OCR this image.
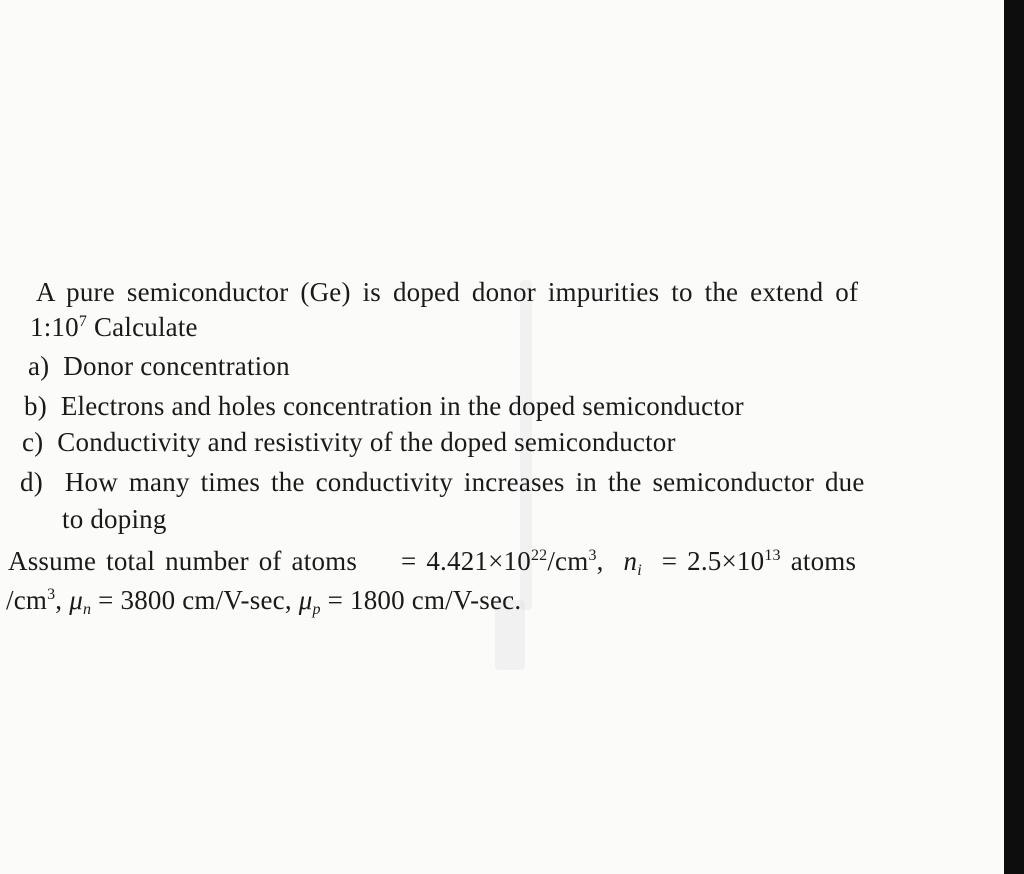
A pure semiconductor (Ge) is doped donor impurities to the extend of
$1:10^7$ Calculate
a) Donor concentration
b) Electrons and holes concentration in the doped semiconductor
c) Conductivity and resistivity of the doped semiconductor
d) How many times the conductivity increases in the semiconductor due
to doping
Assume total number of atoms = $4.421\times 10^{22}/cm^3$, $n_i = 2.5\times 10^{13}$ atoms
$/cm^3$, $\mu_n = 3800$ cm/V-sec, $\mu_p = 1800$ cm/V-sec.
